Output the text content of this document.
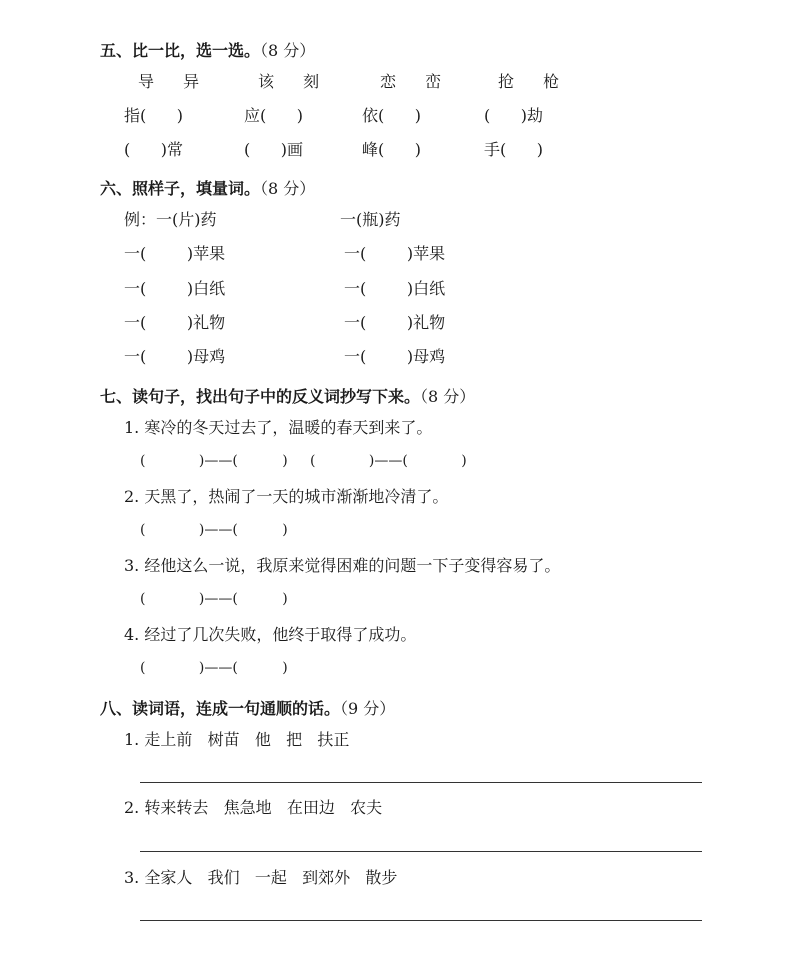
五、比一比，选一选。（8 分）
导 异	该 刻	恋 峦	抢 枪
指(      )	应(      )	依(      )	(      )劫
(      )常	(      )画	峰(      )	手(      )
六、照样子，填量词。（8 分）
例：一(片)药	一(瓶)药
一(        )苹果	一(        )苹果
一(        )白纸	一(        )白纸
一(        )礼物	一(        )礼物
一(        )母鸡	一(        )母鸡
七、读句子，找出句子中的反义词抄写下来。（8 分）
1. 寒冷的冬天过去了，温暖的春天到来了。
(            )——(          )     (            )——(            )
2. 天黑了，热闹了一天的城市渐渐地冷清了。
(            )——(          )
3. 经他这么一说，我原来觉得困难的问题一下子变得容易了。
(            )——(          )
4. 经过了几次失败，他终于取得了成功。
(            )——(          )
八、读词语，连成一句通顺的话。（9 分）
1. 走上前   树苗   他   把   扶正
2. 转来转去   焦急地   在田边   农夫
3. 全家人   我们   一起   到郊外   散步
